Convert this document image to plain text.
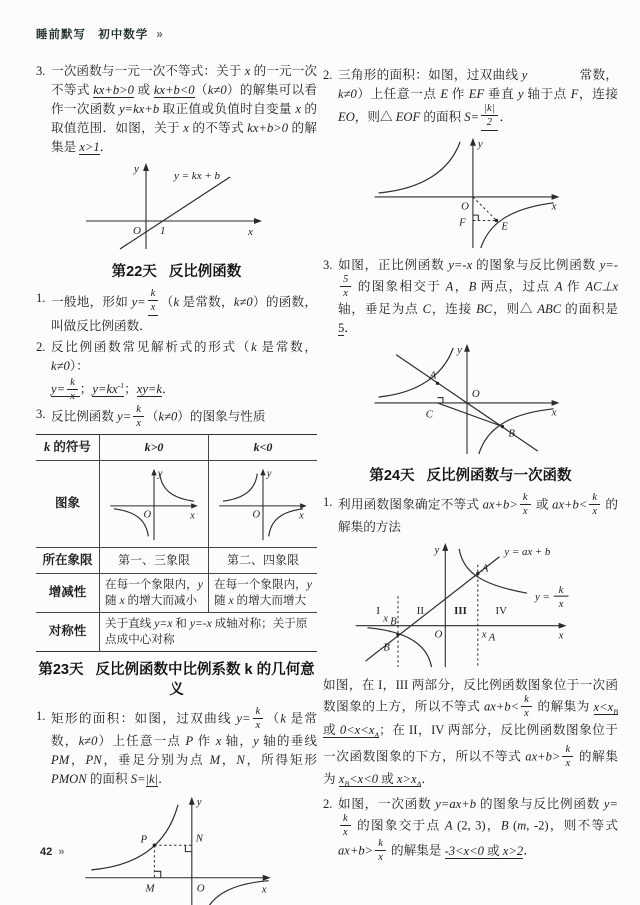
睡前默写 初中数学 »
3. 一次函数与一元一次不等式：关于 x 的一元一次不等式 kx+b>0 或 kx+b<0（k≠0）的解集可以看作一次函数 y=kx+b 取正值或负值时自变量 x 的取值范围．如图，关于 x 的不等式 kx+b>0 的解集是 x>1．
y = kx + b
y
x
O 1
第22天 反比例函数
1. 一般地，形如 $y= \frac{k}{x} (k$ 是常数，k≠0）的函数，叫做反比例函数．
2. 反比例函数常见解析式的形式（k 是常数，k≠0）：
$y= \frac{k}{x}$ ；$y=kx^{-1}$；xy=k．
3. 反比例函数 $y= \frac{k}{x} (k\ne 0)$的图象与性质
k 的符号	k>0	k<0
图象	y
x
O	y
x
O

所在象限	第一、三象限	第二、四象限
增减性	在每一个象限内，y 随 x 的增大而减小	在每一个象限内，y 随 x 的增大而增大
对称性	关于直线 y=x 和 y=-x 成轴对称；关于原点成中心对称	
第23天 反比例函数中比例系数 k 的几何意义
1. 矩形的面积：如图，过双曲线 $y= \frac{k}{x} (k$ 是常数，k≠0）上任意一点 P 作 x 轴，y 轴的垂线 PM，PN，垂足分别为点 M，N，所得矩形 PMON 的面积 S=|k|．
P	N
M	O	x
y
2. 三角形的面积：如图，过双曲线 y	常数，k≠0）上任意一点 E 作 EF 垂直 y 轴于点 F，连接 EO，则△ EOF 的面积 $S= \frac{|k|}{2}$ ．
O
F	E
x
y
3. 如图，正比例函数 y=-x 的图象与反比例函数 y=-
$\frac{5}{x}$ 的图象相交于 A，B 两点，过点 A 作 AC⊥x 轴，垂足为点 C，连接 BC，则△ ABC 的面积是 5．
A
C
B
O
x
y
第24天 反比例函数与一次函数
1. 利用函数图象确定不等式 $ax+b> \frac{k}{x}$ 或 $ax+b< \frac{k}{x}$ 的解集的方法
I	II	III	IV
x B
x A
A
B
O	x
y	y = ax + b
y =
k
x
如图，在 I，III 两部分，反比例函数图象位于一次函数图象的上方，所以不等式 $ax+b< \frac{k}{x}$ 的解集为 $x<x_B$ 或 $0<x<x_A$；在 II，IV 两部分，反比例函数图象位于一次函数图象的下方，所以不等式 $ax+b> \frac{k}{x}$ 的解集为 $x_B<x<0$ 或 $x>x_A$．
2. 如图，一次函数 y=ax+b 的图象与反比例函数 y=
$\frac{k}{x}$ 的图象交于点 A (2, 3)，B (m, -2)，则不等式 $ax+b> \frac{k}{x}$ 的解集是 -3<x<0 或 x>2．
42 »
